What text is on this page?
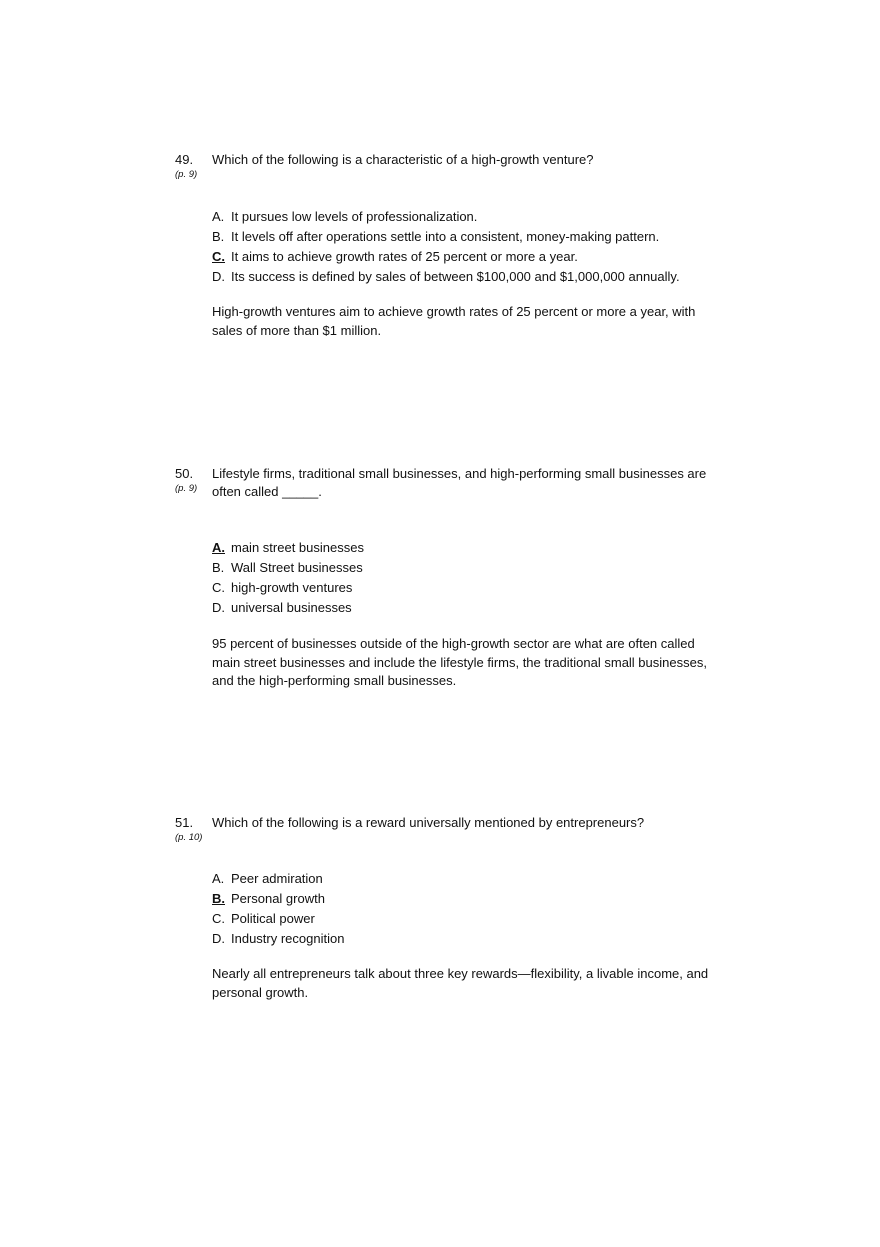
49.
(p. 9)
Which of the following is a characteristic of a high-growth venture?
A. It pursues low levels of professionalization.
B. It levels off after operations settle into a consistent, money-making pattern.
C. It aims to achieve growth rates of 25 percent or more a year.
D. Its success is defined by sales of between $100,000 and $1,000,000 annually.
High-growth ventures aim to achieve growth rates of 25 percent or more a year, with sales of more than $1 million.
50.
(p. 9)
Lifestyle firms, traditional small businesses, and high-performing small businesses are often called _____.
A. main street businesses
B. Wall Street businesses
C. high-growth ventures
D. universal businesses
95 percent of businesses outside of the high-growth sector are what are often called main street businesses and include the lifestyle firms, the traditional small businesses, and the high-performing small businesses.
51.
(p. 10)
Which of the following is a reward universally mentioned by entrepreneurs?
A. Peer admiration
B. Personal growth
C. Political power
D. Industry recognition
Nearly all entrepreneurs talk about three key rewards—flexibility, a livable income, and personal growth.
